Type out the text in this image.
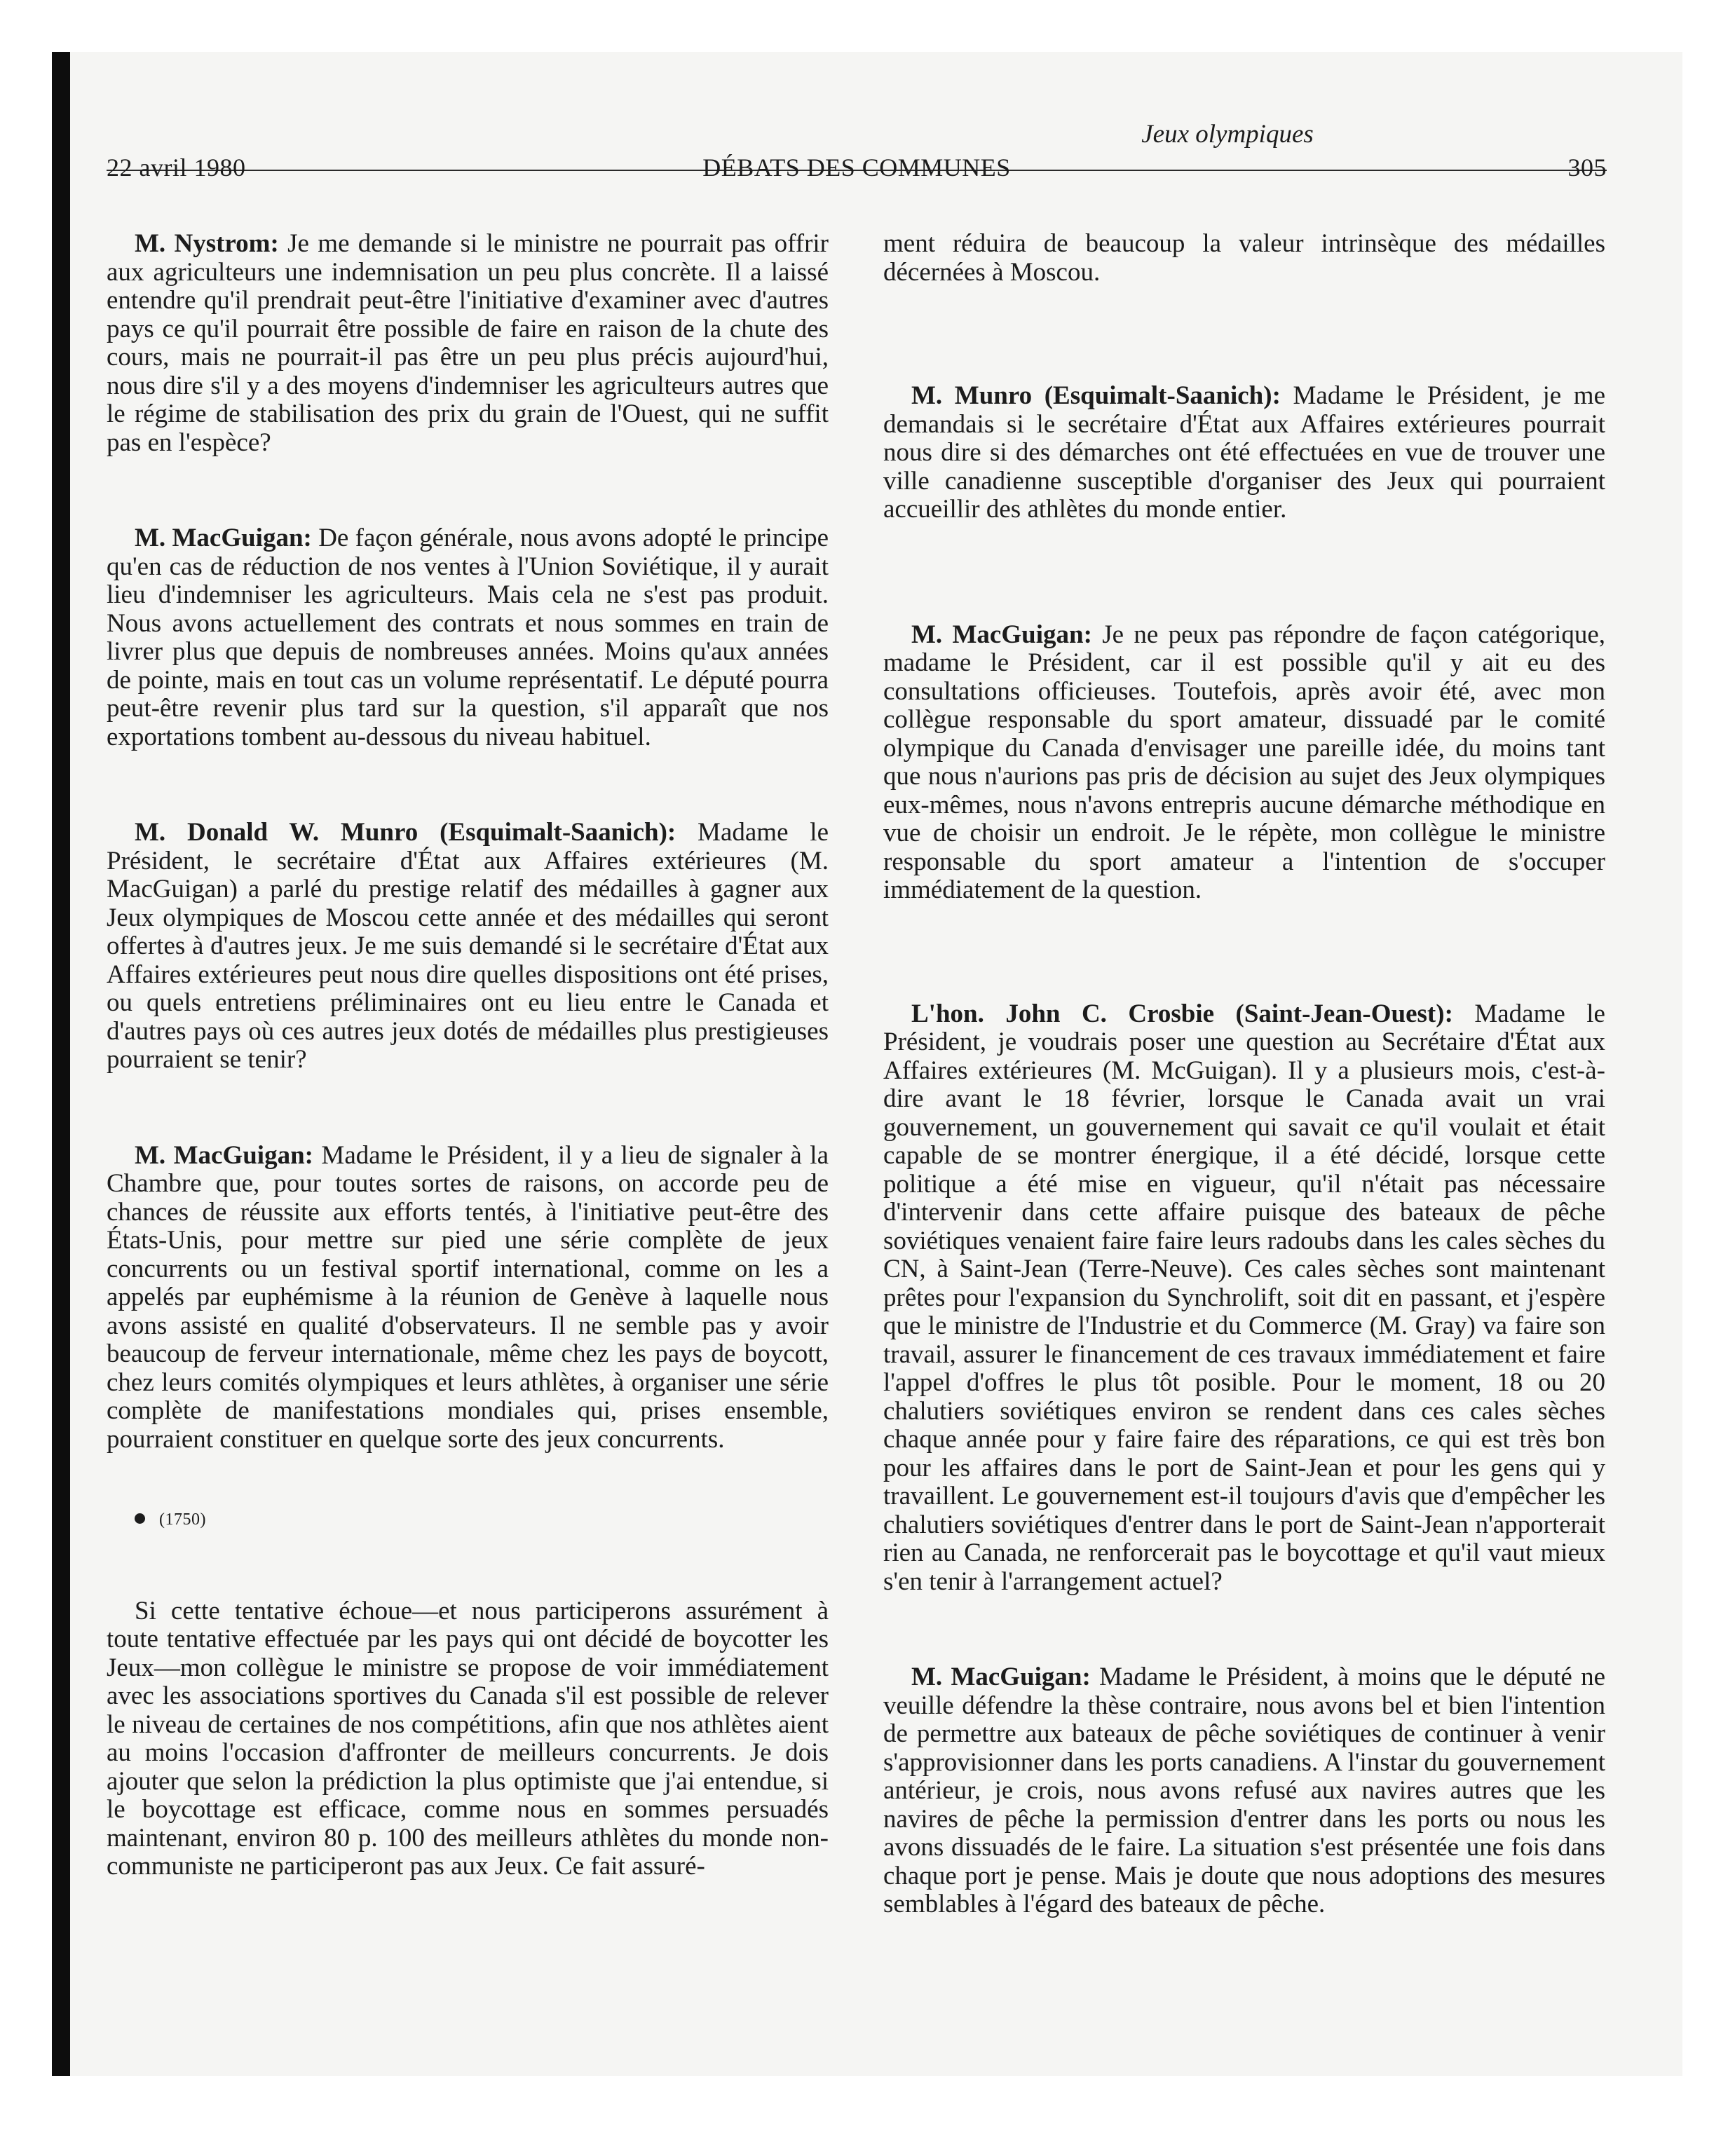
22 avril 1980	DÉBATS DES COMMUNES	305
Jeux olympiques

M. Nystrom: Je me demande si le ministre ne pourrait pas offrir aux agriculteurs une indemnisation un peu plus concrète. Il a laissé entendre qu'il prendrait peut-être l'initiative d'examiner avec d'autres pays ce qu'il pourrait être possible de faire en raison de la chute des cours, mais ne pourrait-il pas être un peu plus précis aujourd'hui, nous dire s'il y a des moyens d'indemniser les agriculteurs autres que le régime de stabilisation des prix du grain de l'Ouest, qui ne suffit pas en l'espèce?

M. MacGuigan: De façon générale, nous avons adopté le principe qu'en cas de réduction de nos ventes à l'Union Soviétique, il y aurait lieu d'indemniser les agriculteurs. Mais cela ne s'est pas produit. Nous avons actuellement des contrats et nous sommes en train de livrer plus que depuis de nombreuses années. Moins qu'aux années de pointe, mais en tout cas un volume représentatif. Le député pourra peut-être revenir plus tard sur la question, s'il apparaît que nos exportations tombent au-dessous du niveau habituel.

M. Donald W. Munro (Esquimalt-Saanich): Madame le Président, le secrétaire d'État aux Affaires extérieures (M. MacGuigan) a parlé du prestige relatif des médailles à gagner aux Jeux olympiques de Moscou cette année et des médailles qui seront offertes à d'autres jeux. Je me suis demandé si le secrétaire d'État aux Affaires extérieures peut nous dire quelles dispositions ont été prises, ou quels entretiens préliminaires ont eu lieu entre le Canada et d'autres pays où ces autres jeux dotés de médailles plus prestigieuses pourraient se tenir?

M. MacGuigan: Madame le Président, il y a lieu de signaler à la Chambre que, pour toutes sortes de raisons, on accorde peu de chances de réussite aux efforts tentés, à l'initiative peut-être des États-Unis, pour mettre sur pied une série complète de jeux concurrents ou un festival sportif international, comme on les a appelés par euphémisme à la réunion de Genève à laquelle nous avons assisté en qualité d'observateurs. Il ne semble pas y avoir beaucoup de ferveur internationale, même chez les pays de boycott, chez leurs comités olympiques et leurs athlètes, à organiser une série complète de manifestations mondiales qui, prises ensemble, pourraient constituer en quelque sorte des jeux concurrents.

(1750)

Si cette tentative échoue—et nous participerons assurément à toute tentative effectuée par les pays qui ont décidé de boycotter les Jeux—mon collègue le ministre se propose de voir immédiatement avec les associations sportives du Canada s'il est possible de relever le niveau de certaines de nos compétitions, afin que nos athlètes aient au moins l'occasion d'affronter de meilleurs concurrents. Je dois ajouter que selon la prédiction la plus optimiste que j'ai entendue, si le boycottage est efficace, comme nous en sommes persuadés maintenant, environ 80 p. 100 des meilleurs athlètes du monde non-communiste ne participeront pas aux Jeux. Ce fait assuré-

ment réduira de beaucoup la valeur intrinsèque des médailles décernées à Moscou.

M. Munro (Esquimalt-Saanich): Madame le Président, je me demandais si le secrétaire d'État aux Affaires extérieures pourrait nous dire si des démarches ont été effectuées en vue de trouver une ville canadienne susceptible d'organiser des Jeux qui pourraient accueillir des athlètes du monde entier.

M. MacGuigan: Je ne peux pas répondre de façon catégorique, madame le Président, car il est possible qu'il y ait eu des consultations officieuses. Toutefois, après avoir été, avec mon collègue responsable du sport amateur, dissuadé par le comité olympique du Canada d'envisager une pareille idée, du moins tant que nous n'aurions pas pris de décision au sujet des Jeux olympiques eux-mêmes, nous n'avons entrepris aucune démarche méthodique en vue de choisir un endroit. Je le répète, mon collègue le ministre responsable du sport amateur a l'intention de s'occuper immédiatement de la question.

L'hon. John C. Crosbie (Saint-Jean-Ouest): Madame le Président, je voudrais poser une question au Secrétaire d'État aux Affaires extérieures (M. McGuigan). Il y a plusieurs mois, c'est-à-dire avant le 18 février, lorsque le Canada avait un vrai gouvernement, un gouvernement qui savait ce qu'il voulait et était capable de se montrer énergique, il a été décidé, lorsque cette politique a été mise en vigueur, qu'il n'était pas nécessaire d'intervenir dans cette affaire puisque des bateaux de pêche soviétiques venaient faire faire leurs radoubs dans les cales sèches du CN, à Saint-Jean (Terre-Neuve). Ces cales sèches sont maintenant prêtes pour l'expansion du Synchrolift, soit dit en passant, et j'espère que le ministre de l'Industrie et du Commerce (M. Gray) va faire son travail, assurer le financement de ces travaux immédiatement et faire l'appel d'offres le plus tôt posible. Pour le moment, 18 ou 20 chalutiers soviétiques environ se rendent dans ces cales sèches chaque année pour y faire faire des réparations, ce qui est très bon pour les affaires dans le port de Saint-Jean et pour les gens qui y travaillent. Le gouvernement est-il toujours d'avis que d'empêcher les chalutiers soviétiques d'entrer dans le port de Saint-Jean n'apporterait rien au Canada, ne renforcerait pas le boycottage et qu'il vaut mieux s'en tenir à l'arrangement actuel?

M. MacGuigan: Madame le Président, à moins que le député ne veuille défendre la thèse contraire, nous avons bel et bien l'intention de permettre aux bateaux de pêche soviétiques de continuer à venir s'approvisionner dans les ports canadiens. A l'instar du gouvernement antérieur, je crois, nous avons refusé aux navires autres que les navires de pêche la permission d'entrer dans les ports ou nous les avons dissuadés de le faire. La situation s'est présentée une fois dans chaque port je pense. Mais je doute que nous adoptions des mesures semblables à l'égard des bateaux de pêche.
